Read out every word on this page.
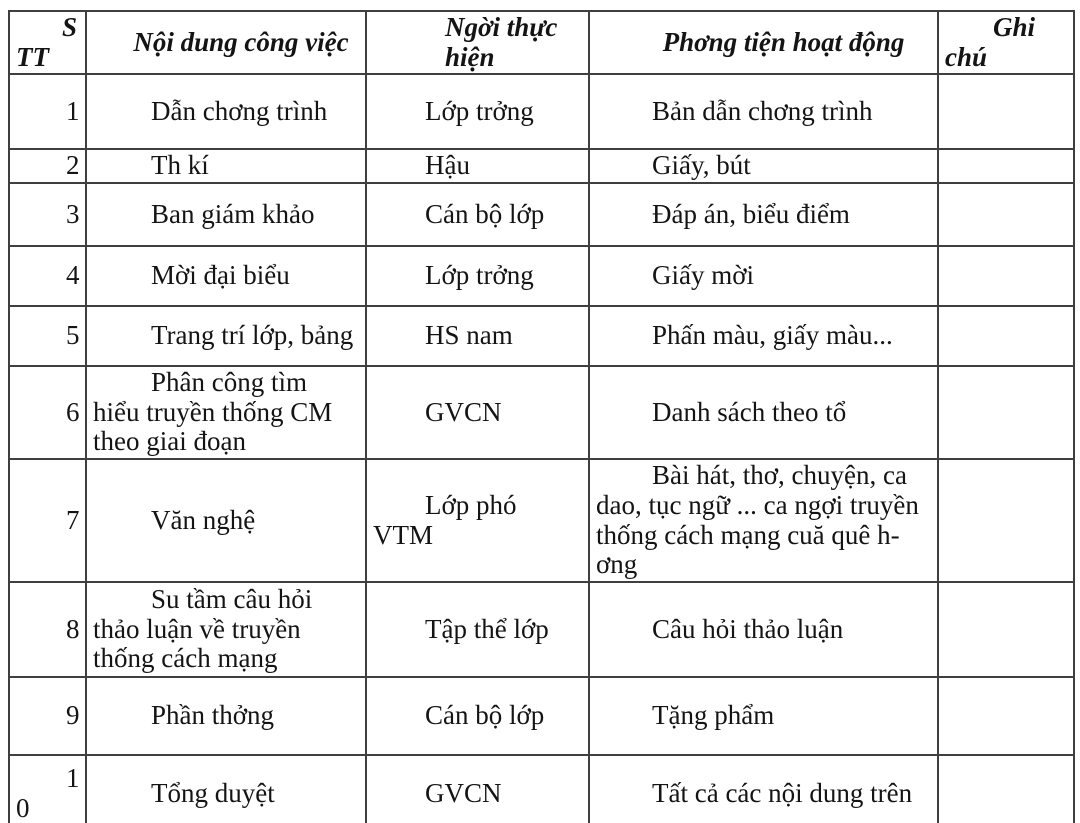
S TT	Nội dung công việc	Ngời thực hiện	Phơng tiện hoạt động	Ghi chú
1	Dẫn chơng trình	Lớp trởng	Bản dẫn chơng trình	
2	Th kí	Hậu	Giấy, bút	
3	Ban giám khảo	Cán bộ lớp	Đáp án, biểu điểm	
4	Mời đại biểu	Lớp trởng	Giấy mời	
5	Trang trí lớp, bảng	HS nam	Phấn màu, giấy màu...	
6	Phân công tìm hiểu truyền thống CM theo giai đoạn	GVCN	Danh sách theo tổ	
7	Văn nghệ	Lớp phó VTM	Bài hát, thơ, chuyện, ca dao, tục ngữ ... ca ngợi truyền thống cách mạng cuă quê h-ơng	
8	Su tầm câu hỏi thảo luận về truyền thống cách mạng	Tập thể lớp	Câu hỏi thảo luận	
9	Phần thởng	Cán bộ lớp	Tặng phẩm	
10	Tổng duyệt	GVCN	Tất cả các nội dung trên	
